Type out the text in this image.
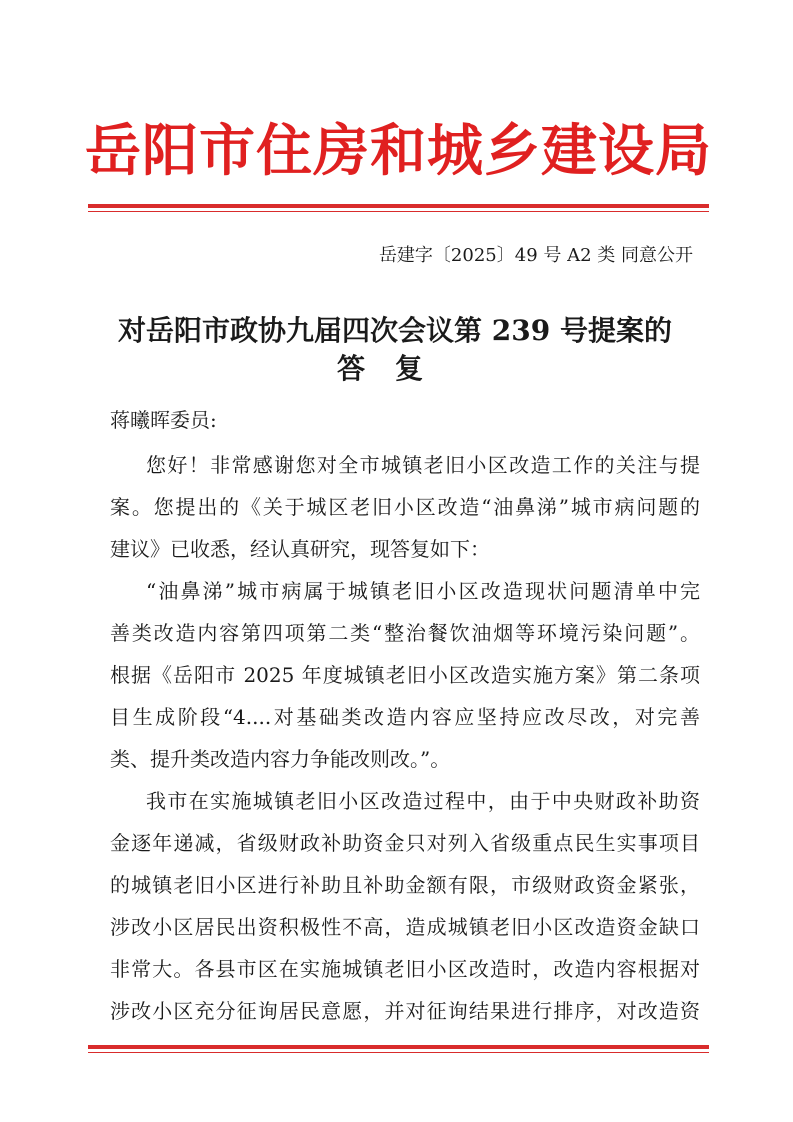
岳阳市住房和城乡建设局
岳建字〔2025〕49 号 A2 类 同意公开
对岳阳市政协九届四次会议第 239 号提案的
答复
蒋曦晖委员:
您好！非常感谢您对全市城镇老旧小区改造工作的关注与提
案。您提出的《关于城区老旧小区改造“油鼻涕”城市病问题的
建议》已收悉，经认真研究，现答复如下：
“油鼻涕”城市病属于城镇老旧小区改造现状问题清单中完
善类改造内容第四项第二类“整治餐饮油烟等环境污染问题”。
根据《岳阳市 2025 年度城镇老旧小区改造实施方案》第二条项
目生成阶段“4....对基础类改造内容应坚持应改尽改，对完善
类、提升类改造内容力争能改则改。”。
我市在实施城镇老旧小区改造过程中，由于中央财政补助资
金逐年递减，省级财政补助资金只对列入省级重点民生实事项目
的城镇老旧小区进行补助且补助金额有限，市级财政资金紧张，
涉改小区居民出资积极性不高，造成城镇老旧小区改造资金缺口
非常大。各县市区在实施城镇老旧小区改造时，改造内容根据对
涉改小区充分征询居民意愿，并对征询结果进行排序，对改造资
